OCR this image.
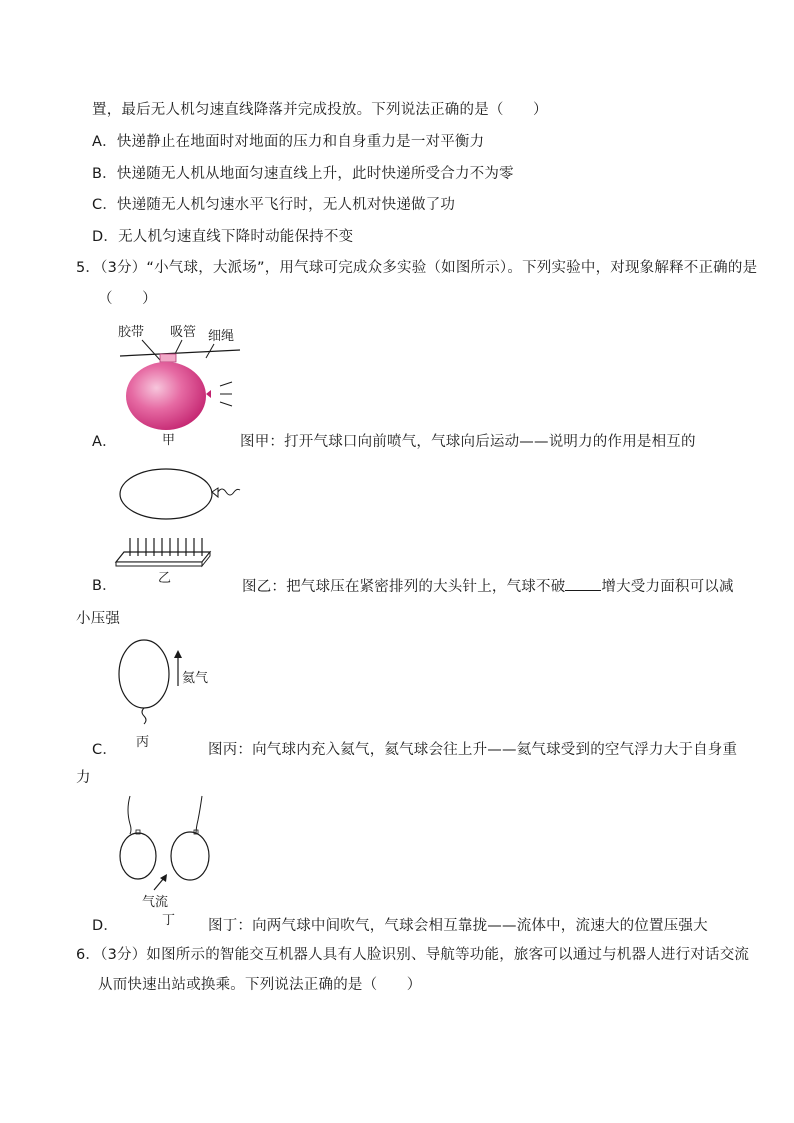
置，最后无人机匀速直线降落并完成投放。下列说法正确的是（　　）
A．快递静止在地面时对地面的压力和自身重力是一对平衡力
B．快递随无人机从地面匀速直线上升，此时快递所受合力不为零
C．快递随无人机匀速水平飞行时，无人机对快递做了功
D．无人机匀速直线下降时动能保持不变
5．（3分）“小气球，大派场”，用气球可完成众多实验（如图所示）。下列实验中，对现象解释不正确的是
（　　）
胶带 吸管 细绳
甲
A．	图甲：打开气球口向前喷气，气球向后运动——说明力的作用是相互的
乙
B．	图乙：把气球压在紧密排列的大头针上，气球不破 增大受力面积可以减
小压强
氦气
丙
C．	图丙：向气球内充入氦气，氦气球会往上升——氦气球受到的空气浮力大于自身重
力
气流
丁
D．	图丁：向两气球中间吹气，气球会相互靠拢——流体中，流速大的位置压强大
6．（3分）如图所示的智能交互机器人具有人脸识别、导航等功能，旅客可以通过与机器人进行对话交流
从而快速出站或换乘。下列说法正确的是（　　）
